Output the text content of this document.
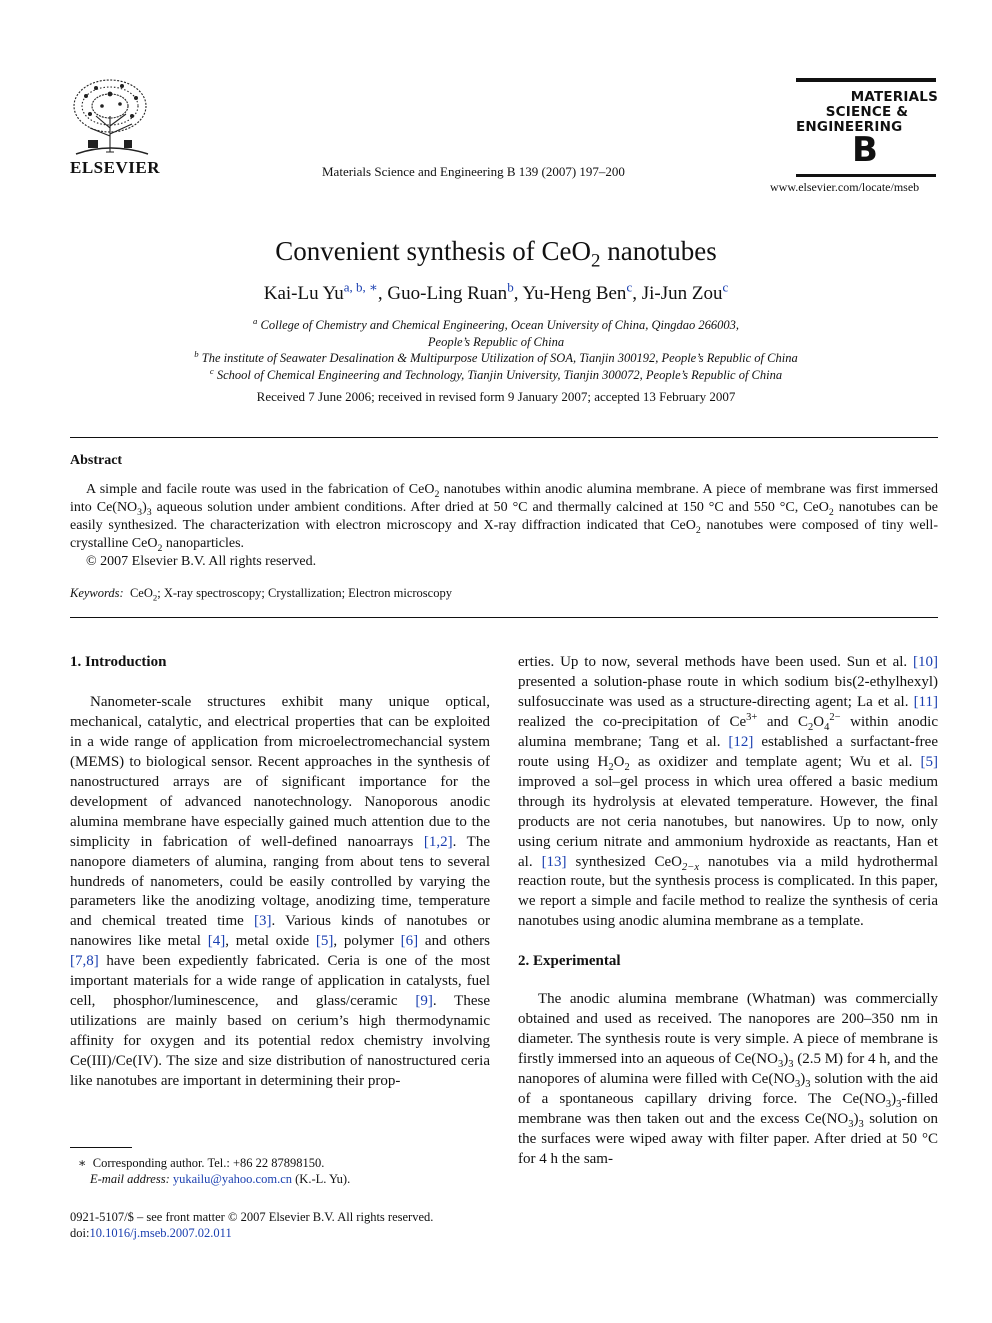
ELSEVIER	Materials Science and Engineering B 139 (2007) 197–200
MATERIALS
SCIENCE &
ENGINEERING
B
www.elsevier.com/locate/mseb
Convenient synthesis of CeO$_2$ nanotubes
Kai-Lu $Yu^{a, b, ∗}$, Guo-Ling Ruan$^b$, Yu-Heng Ben$^c$, Ji-Jun Zou$^c$
$^a$ College of Chemistry and Chemical Engineering, Ocean University of China, Qingdao 266003,
People’s Republic of China
$^b$ The institute of Seawater Desalination & Multipurpose Utilization of SOA, Tianjin 300192, People’s Republic of China
$^c$ School of Chemical Engineering and Technology, Tianjin University, Tianjin 300072, People’s Republic of China
Received 7 June 2006; received in revised form 9 January 2007; accepted 13 February 2007
Abstract

A simple and facile route was used in the fabrication of CeO$_2$ nanotubes within anodic alumina membrane. A piece of membrane was first immersed into $Ce(NO_3)_3$ aqueous solution under ambient conditions. After dried at 50 °C and thermally calcined at 150 °C and 550 °C, CeO$_2$ nanotubes can be easily synthesized. The characterization with electron microscopy and X-ray diffraction indicated that CeO$_2$ nanotubes were composed of tiny well-crystalline CeO$_2$ nanoparticles.

© 2007 Elsevier B.V. All rights reserved.

Keywords: CeO$_2$; X-ray spectroscopy; Crystallization; Electron microscopy
1. Introduction

Nanometer-scale structures exhibit many unique optical, mechanical, catalytic, and electrical properties that can be exploited in a wide range of application from microelectromechancial system (MEMS) to biological sensor. Recent approaches in the synthesis of nanostructured arrays are of significant importance for the development of advanced nanotechnology. Nanoporous anodic alumina membrane have especially gained much attention due to the simplicity in fabrication of well-defined nanoarrays [1,2]. The nanopore diameters of alumina, ranging from about tens to several hundreds of nanometers, could be easily controlled by varying the parameters like the anodizing voltage, anodizing time, temperature and chemical treated time [3]. Various kinds of nanotubes or nanowires like metal [4], metal oxide [5], polymer [6] and others [7,8] have been expediently fabricated. Ceria is one of the most important materials for a wide range of application in catalysts, fuel cell, phosphor/luminescence, and glass/ceramic [9]. These utilizations are mainly based on cerium’s high thermodynamic affinity for oxygen and its potential redox chemistry involving Ce(III)/Ce(IV). The size and size distribution of nanostructured ceria like nanotubes are important in determining their prop-

erties. Up to now, several methods have been used. Sun et al. [10] presented a solution-phase route in which sodium bis(2-ethylhexyl) sulfosuccinate was used as a structure-directing agent; La et al. [11] realized the co-precipitation of $Ce^{3+}$ and $C_2O_4^{2-}$ within anodic alumina membrane; Tang et al. [12] established a surfactant-free route using $H_2O_2$ as oxidizer and template agent; Wu et al. [5] improved a sol–gel process in which urea offered a basic medium through its hydrolysis at elevated temperature. However, the final products are not ceria nanotubes, but nanowires. Up to now, only using cerium nitrate and ammonium hydroxide as reactants, Han et al. [13] synthesized CeO$_{2-x}$ nanotubes via a mild hydrothermal reaction route, but the synthesis process is complicated. In this paper, we report a simple and facile method to realize the synthesis of ceria nanotubes using anodic alumina membrane as a template.

2. Experimental

The anodic alumina membrane (Whatman) was commercially obtained and used as received. The nanopores are 200–350 nm in diameter. The synthesis route is very simple. A piece of membrane is firstly immersed into an aqueous of $Ce(NO_3)_3$ (2.5 M) for 4 h, and the nanopores of alumina were filled with $Ce(NO_3)_3$ solution with the aid of a spontaneous capillary driving force. The $Ce(NO_3)_3$-filled membrane was then taken out and the excess $Ce(NO_3)_3$ solution on the surfaces were wiped away with filter paper. After dried at 50 °C for 4 h the sam-

∗ Corresponding author. Tel.: +86 22 87898150.
E-mail address: yukailu@yahoo.com.cn (K.-L. Yu).
0921-5107/$ – see front matter © 2007 Elsevier B.V. All rights reserved.
doi:10.1016/j.mseb.2007.02.011
